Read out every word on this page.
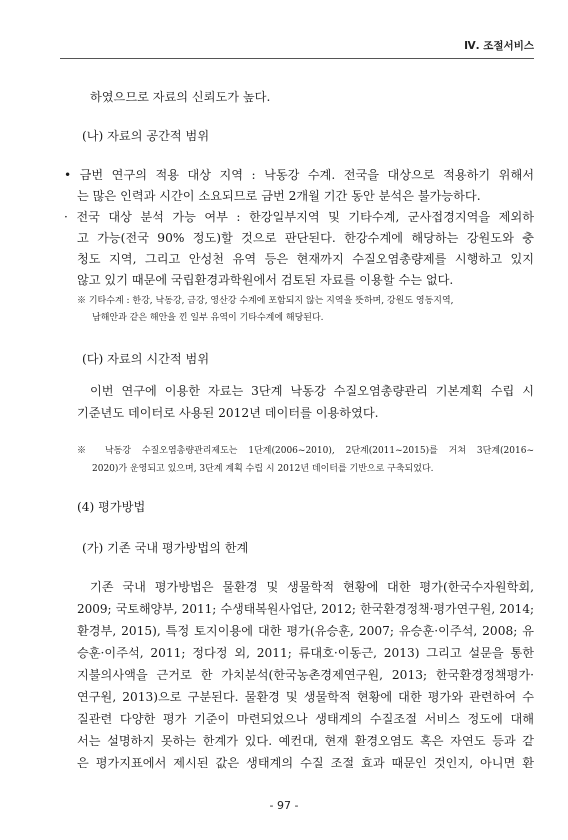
Ⅳ. 조절서비스
하였으므로 자료의 신뢰도가 높다.
(나) 자료의 공간적 범위
• 금번 연구의 적용 대상 지역 : 낙동강 수계. 전국을 대상으로 적용하기 위해서
는 많은 인력과 시간이 소요되므로 금번 2개월 기간 동안 분석은 불가능하다.
· 전국 대상 분석 가능 여부 : 한강일부지역 및 기타수계, 군사접경지역을 제외하
고 가능(전국 90% 정도)할 것으로 판단된다. 한강수계에 해당하는 강원도와 충
청도 지역, 그리고 안성천 유역 등은 현재까지 수질오염총량제를 시행하고 있지
않고 있기 때문에 국립환경과학원에서 검토된 자료를 이용할 수는 없다.
※ 기타수계 : 한강, 낙동강, 금강, 영산강 수계에 포함되지 않는 지역을 뜻하며, 강원도 영동지역,
남해안과 같은 해안을 낀 일부 유역이 기타수계에 해당된다.
(다) 자료의 시간적 범위
이번 연구에 이용한 자료는 3단계 낙동강 수질오염총량관리 기본계획 수립 시
기준년도 데이터로 사용된 2012년 데이터를 이용하였다.
※ 낙동강 수질오염총량관리제도는 1단계(2006~2010), 2단계(2011~2015)를 거쳐 3단계(2016~
2020)가 운영되고 있으며, 3단계 계획 수립 시 2012년 데이터를 기반으로 구축되었다.
(4) 평가방법
(가) 기존 국내 평가방법의 한계
기존 국내 평가방법은 물환경 및 생물학적 현황에 대한 평가(한국수자원학회,
2009; 국토해양부, 2011; 수생태복원사업단, 2012; 한국환경정책·평가연구원, 2014;
환경부, 2015), 특정 토지이용에 대한 평가(유승훈, 2007; 유승훈·이주석, 2008; 유
승훈·이주석, 2011; 정다정 외, 2011; 류대호·이동근, 2013) 그리고 설문을 통한
지불의사액을 근거로 한 가치분석(한국농촌경제연구원, 2013; 한국환경정책평가·
연구원, 2013)으로 구분된다. 물환경 및 생물학적 현황에 대한 평가와 관련하여 수
질관련 다양한 평가 기준이 마련되었으나 생태계의 수질조절 서비스 정도에 대해
서는 설명하지 못하는 한계가 있다. 예컨대, 현재 환경오염도 혹은 자연도 등과 같
은 평가지표에서 제시된 값은 생태계의 수질 조절 효과 때문인 것인지, 아니면 환
- 97 -
